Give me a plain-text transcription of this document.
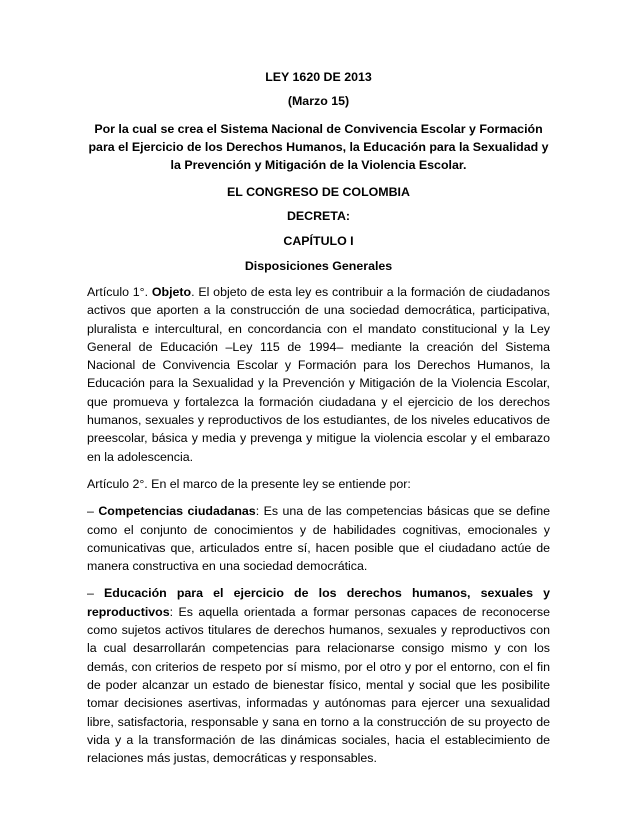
LEY 1620 DE 2013
(Marzo 15)
Por la cual se crea el Sistema Nacional de Convivencia Escolar y Formación para el Ejercicio de los Derechos Humanos, la Educación para la Sexualidad y la Prevención y Mitigación de la Violencia Escolar.
EL CONGRESO DE COLOMBIA
DECRETA:
CAPÍTULO I
Disposiciones Generales

Artículo 1°. Objeto. El objeto de esta ley es contribuir a la formación de ciudadanos activos que aporten a la construcción de una sociedad democrática, participativa, pluralista e intercultural, en concordancia con el mandato constitucional y la Ley General de Educación –Ley 115 de 1994– mediante la creación del Sistema Nacional de Convivencia Escolar y Formación para los Derechos Humanos, la Educación para la Sexualidad y la Prevención y Mitigación de la Violencia Escolar, que promueva y fortalezca la formación ciudadana y el ejercicio de los derechos humanos, sexuales y reproductivos de los estudiantes, de los niveles educativos de preescolar, básica y media y prevenga y mitigue la violencia escolar y el embarazo en la adolescencia.

Artículo 2°. En el marco de la presente ley se entiende por:

– Competencias ciudadanas: Es una de las competencias básicas que se define como el conjunto de conocimientos y de habilidades cognitivas, emocionales y comunicativas que, articulados entre sí, hacen posible que el ciudadano actúe de manera constructiva en una sociedad democrática.

– Educación para el ejercicio de los derechos humanos, sexuales y reproductivos: Es aquella orientada a formar personas capaces de reconocerse como sujetos activos titulares de derechos humanos, sexuales y reproductivos con la cual desarrollarán competencias para relacionarse consigo mismo y con los demás, con criterios de respeto por sí mismo, por el otro y por el entorno, con el fin de poder alcanzar un estado de bienestar físico, mental y social que les posibilite tomar decisiones asertivas, informadas y autónomas para ejercer una sexualidad libre, satisfactoria, responsable y sana en torno a la construcción de su proyecto de vida y a la transformación de las dinámicas sociales, hacia el establecimiento de relaciones más justas, democráticas y responsables.
